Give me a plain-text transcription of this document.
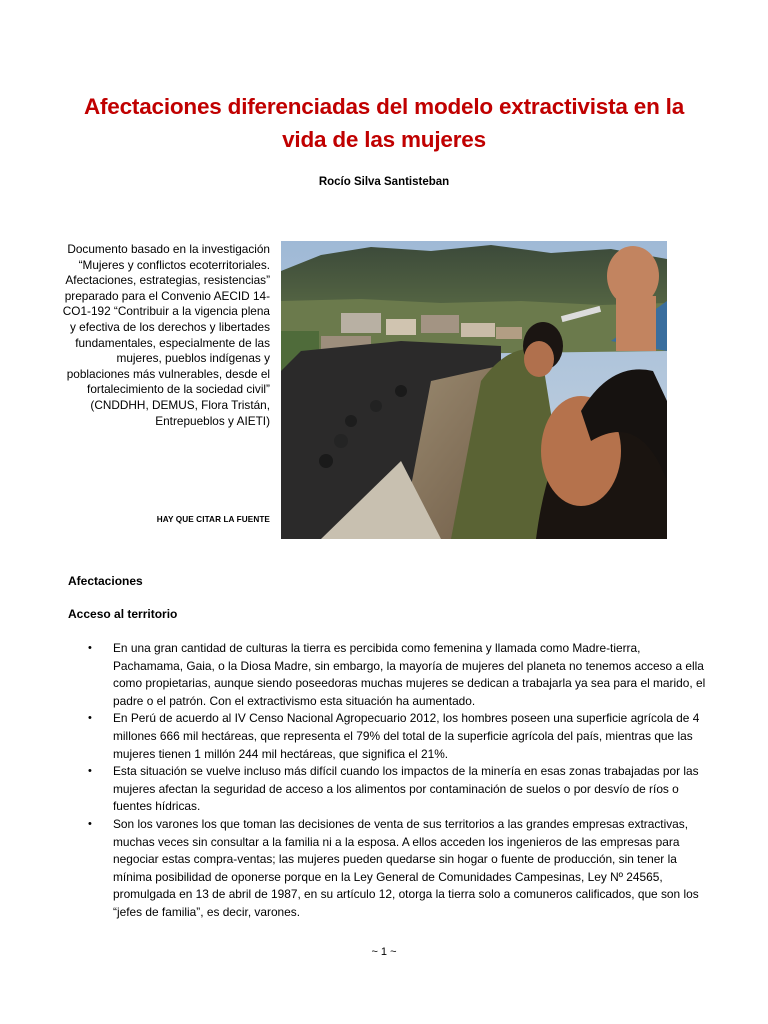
Afectaciones diferenciadas del modelo extractivista en la vida de las mujeres

Rocío Silva Santisteban

Documento basado en la investigación “Mujeres y conflictos ecoterritoriales. Afectaciones, estrategias, resistencias” preparado para el Convenio AECID 14-CO1-192 “Contribuir a la vigencia plena y efectiva de los derechos y libertades fundamentales, especialmente de las mujeres, pueblos indígenas y poblaciones más vulnerables, desde el fortalecimiento de la sociedad civil” (CNDDHH, DEMUS, Flora Tristán, Entrepueblos y AIETI)

HAY QUE CITAR LA FUENTE

Afectaciones

Acceso al territorio

• En una gran cantidad de culturas la tierra es percibida como femenina y llamada como Madre-tierra, Pachamama, Gaia, o la Diosa Madre, sin embargo, la mayoría de mujeres del planeta no tenemos acceso a ella como propietarias, aunque siendo poseedoras muchas mujeres se dedican a trabajarla ya sea para el marido, el padre o el patrón. Con el extractivismo esta situación ha aumentado.
• En Perú de acuerdo al IV Censo Nacional Agropecuario 2012, los hombres poseen una superficie agrícola de 4 millones 666 mil hectáreas, que representa el 79% del total de la superficie agrícola del país, mientras que las mujeres tienen 1 millón 244 mil hectáreas, que significa el 21%.
• Esta situación se vuelve incluso más difícil cuando los impactos de la minería en esas zonas trabajadas por las mujeres afectan la seguridad de acceso a los alimentos por contaminación de suelos o por desvío de ríos o fuentes hídricas.
• Son los varones los que toman las decisiones de venta de sus territorios a las grandes empresas extractivas, muchas veces sin consultar a la familia ni a la esposa. A ellos acceden los ingenieros de las empresas para negociar estas compra-ventas; las mujeres pueden quedarse sin hogar o fuente de producción, sin tener la mínima posibilidad de oponerse porque en la Ley General de Comunidades Campesinas, Ley Nº 24565, promulgada en 13 de abril de 1987, en su artículo 12, otorga la tierra solo a comuneros calificados, que son los “jefes de familia”, es decir, varones.

~ 1 ~
